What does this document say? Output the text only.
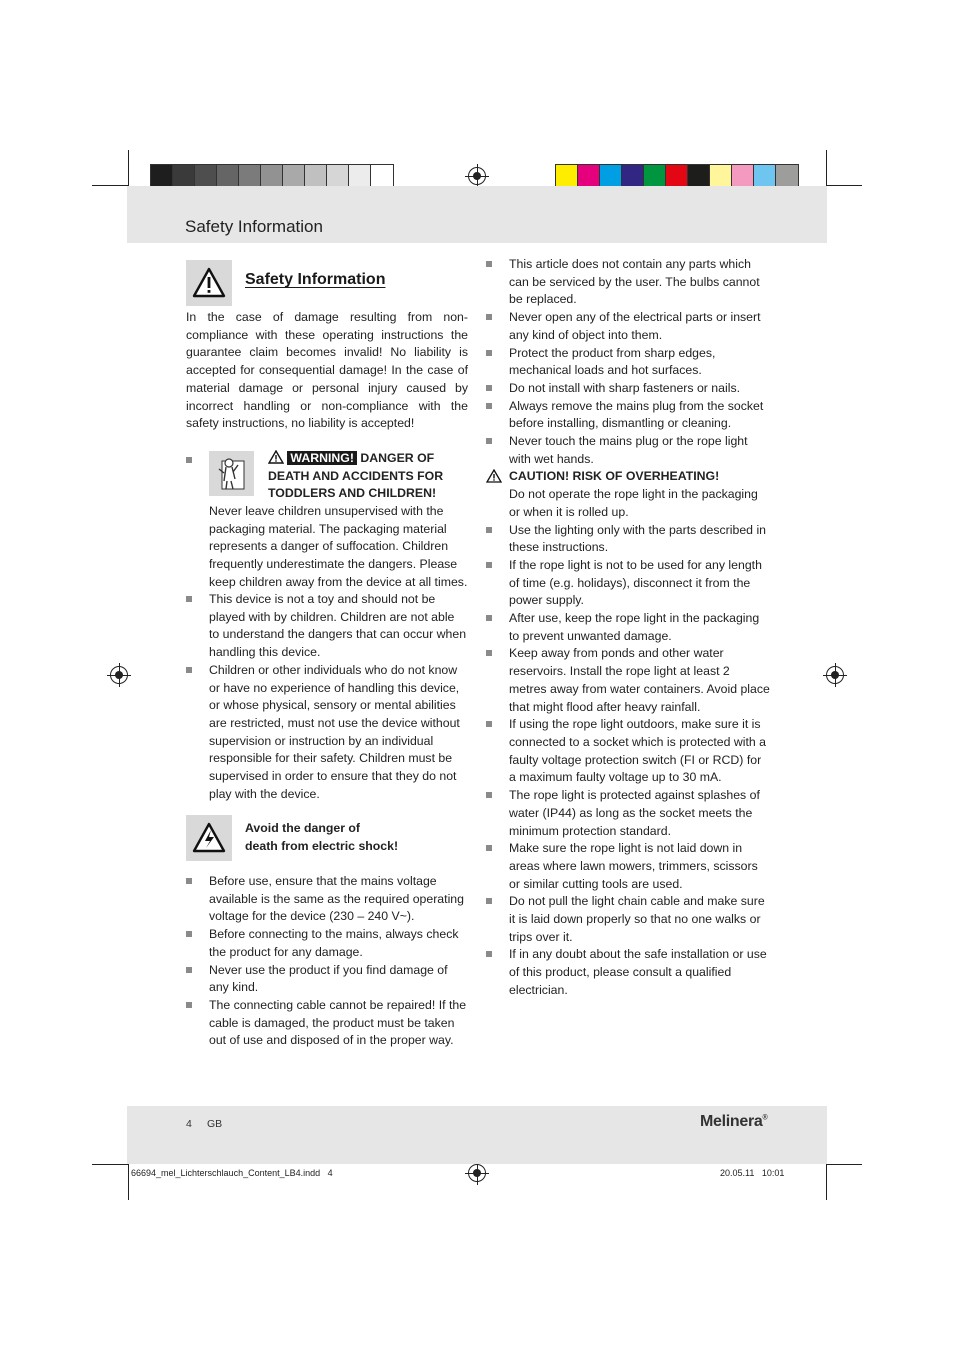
Safety Information
Safety Information
In the case of damage resulting from non-compliance with these operating instructions the guarantee claim becomes invalid! No liability is accepted for consequential damage! In the case of material damage or personal injury caused by incorrect handling or non-compliance with the safety instructions, no liability is accepted!
WARNING! DANGER OF DEATH AND ACCIDENTS FOR TODDLERS AND CHILDREN!
Never leave children unsupervised with the packaging material. The packaging material represents a danger of suffocation. Children frequently underestimate the dangers. Please keep children away from the device at all times.
This device is not a toy and should not be played with by children. Children are not able to understand the dangers that can occur when handling this device.
Children or other individuals who do not know or have no experience of handling this device, or whose physical, sensory or mental abilities are restricted, must not use the device without supervision or instruction by an individual responsible for their safety. Children must be supervised in order to ensure that they do not play with the device.
Avoid the danger of
death from electric shock!
Before use, ensure that the mains voltage available is the same as the required operating voltage for the device (230 – 240 V~).
Before connecting to the mains, always check the product for any damage.
Never use the product if you find damage of any kind.
The connecting cable cannot be repaired! If the cable is damaged, the product must be taken out of use and disposed of in the proper way.
This article does not contain any parts which can be serviced by the user. The bulbs cannot be replaced.
Never open any of the electrical parts or insert any kind of object into them.
Protect the product from sharp edges, mechanical loads and hot surfaces.
Do not install with sharp fasteners or nails.
Always remove the mains plug from the socket before installing, dismantling or cleaning.
Never touch the mains plug or the rope light with wet hands.
CAUTION! RISK OF OVERHEATING!
Do not operate the rope light in the packaging or when it is rolled up.
Use the lighting only with the parts described in these instructions.
If the rope light is not to be used for any length of time (e.g. holidays), disconnect it from the power supply.
After use, keep the rope light in the packaging to prevent unwanted damage.
Keep away from ponds and other water reservoirs. Install the rope light at least 2 metres away from water containers. Avoid place that might flood after heavy rainfall.
If using the rope light outdoors, make sure it is connected to a socket which is protected with a faulty voltage protection switch (FI or RCD) for a maximum faulty voltage up to 30 mA.
The rope light is protected against splashes of water (IP44) as long as the socket meets the minimum protection standard.
Make sure the rope light is not laid down in areas where lawn mowers, trimmers, scissors or similar cutting tools are used.
Do not pull the light chain cable and make sure it is laid down properly so that no one walks or trips over it.
If in any doubt about the safe installation or use of this product, please consult a qualified electrician.
4 GB	Melinera®
66694_mel_Lichterschlauch_Content_LB4.indd   4	20.05.11   10:01
